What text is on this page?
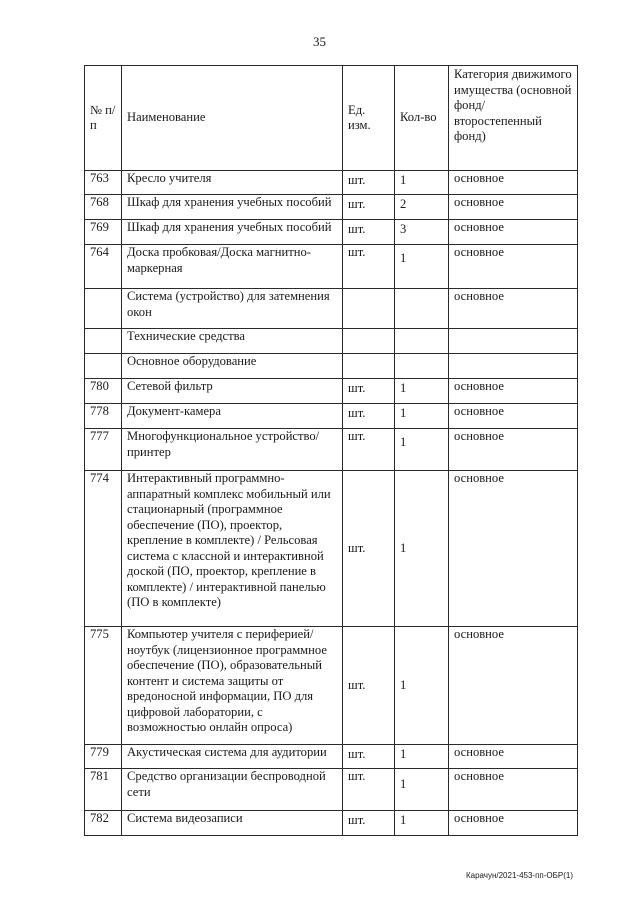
35
№ п/п	Наименование	Ед. изм.	Кол-во	Категория движимого имущества (основной фонд/ второстепенный фонд)
763	Кресло учителя	шт.	1	основное
768	Шкаф для хранения учебных пособий	шт.	2	основное
769	Шкаф для хранения учебных пособий	шт.	3	основное
764	Доска пробковая/Доска магнитно-маркерная	шт.	1	основное
	Система (устройство) для затемнения окон			основное
	Технические средства			
	Основное оборудование			
780	Сетевой фильтр	шт.	1	основное
778	Документ-камера	шт.	1	основное
777	Многофункциональное устройство/принтер	шт.	1	основное
774	Интерактивный программно-аппаратный комплекс мобильный или стационарный (программное обеспечение (ПО), проектор, крепление в комплекте) / Рельсовая система с классной и интерактивной доской (ПО, проектор, крепление в комплекте) / интерактивной панелью (ПО в комплекте)	шт.	1	основное
775	Компьютер учителя с периферией/ноутбук (лицензионное программное обеспечение (ПО), образовательный контент и система защиты от вредоносной информации, ПО для цифровой лаборатории, с возможностью онлайн опроса)	шт.	1	основное
779	Акустическая система для аудитории	шт.	1	основное
781	Средство организации беспроводной сети	шт.	1	основное
782	Система видеозаписи	шт.	1	основное
Карачун/2021-453-пп-ОБР(1)
